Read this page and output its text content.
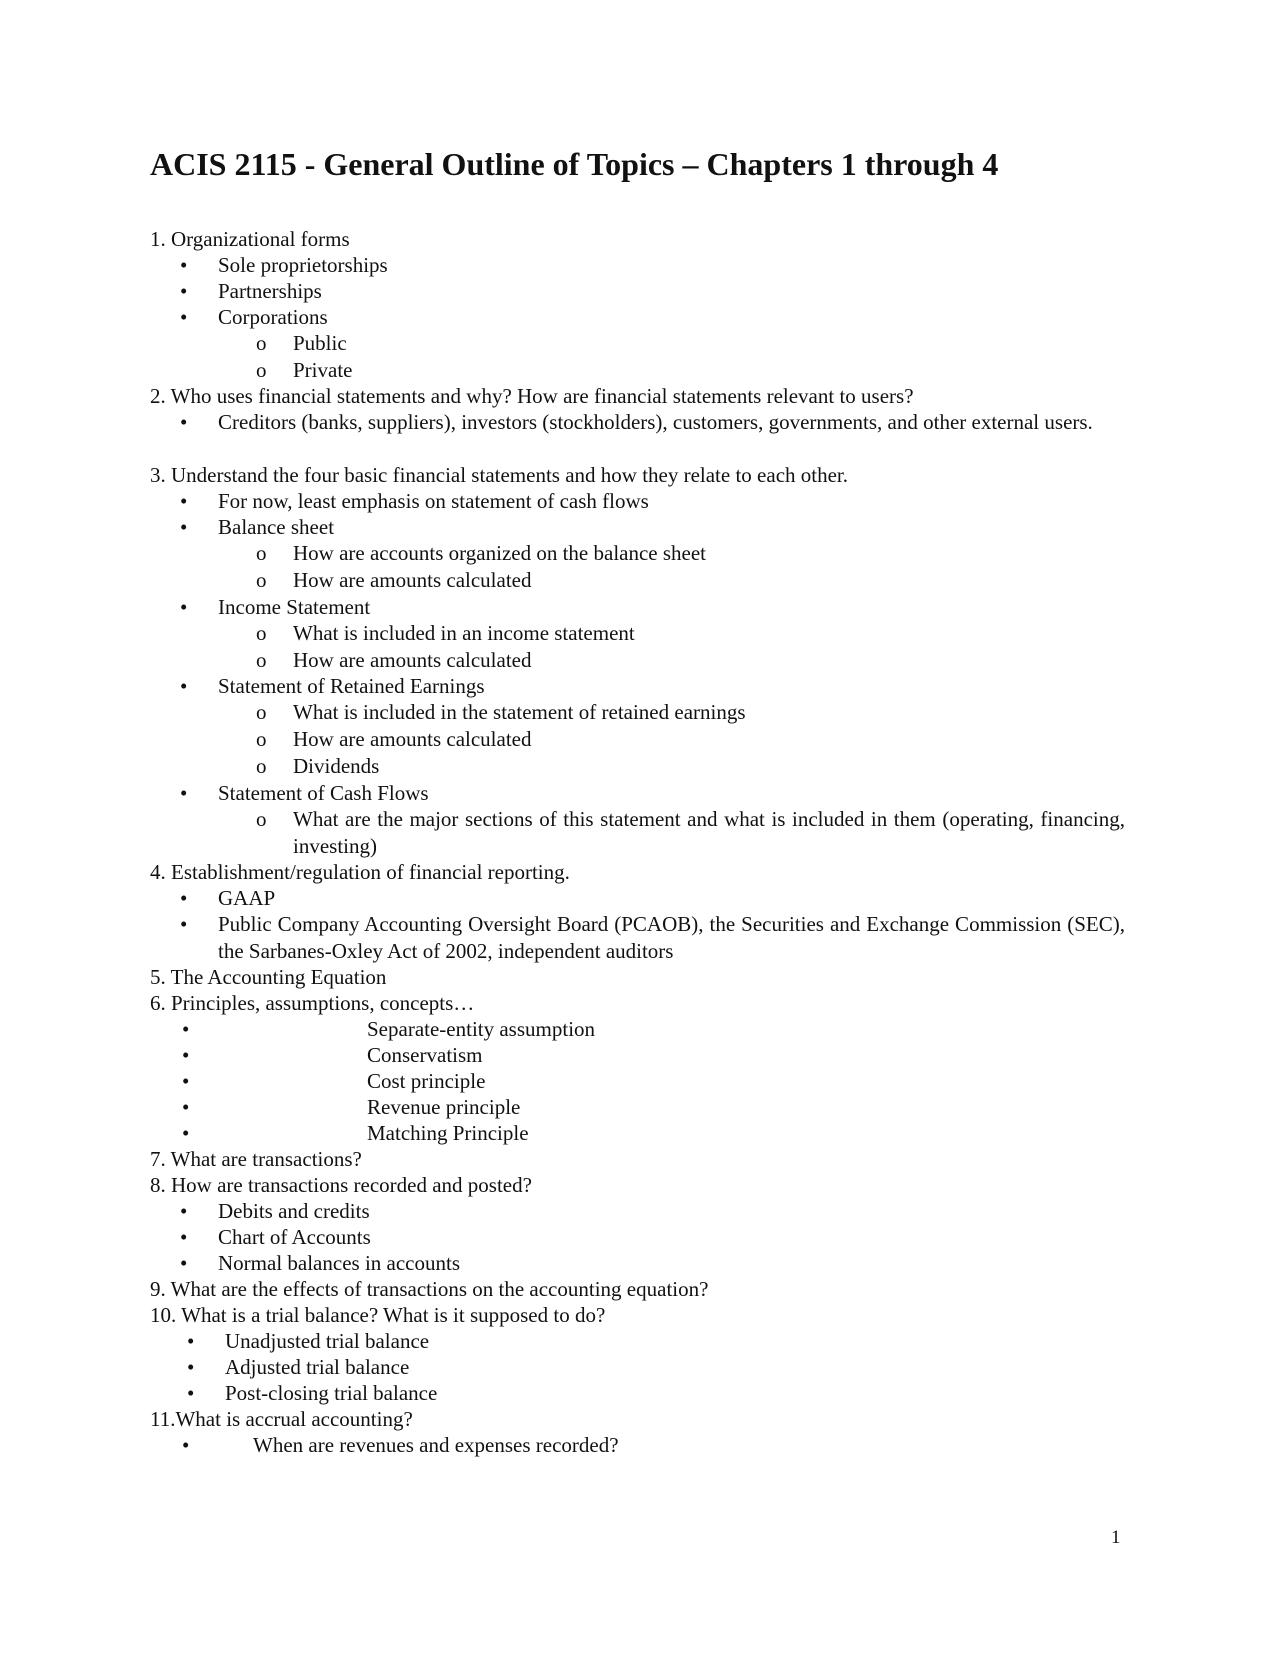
ACIS 2115 - General Outline of Topics – Chapters 1 through 4
1. Organizational forms
• Sole proprietorships
• Partnerships
• Corporations
o Public
o Private
2. Who uses financial statements and why? How are financial statements relevant to users?
• Creditors (banks, suppliers), investors (stockholders), customers, governments, and other external users.
3. Understand the four basic financial statements and how they relate to each other.
• For now, least emphasis on statement of cash flows
• Balance sheet
o How are accounts organized on the balance sheet
o How are amounts calculated
• Income Statement
o What is included in an income statement
o How are amounts calculated
• Statement of Retained Earnings
o What is included in the statement of retained earnings
o How are amounts calculated
o Dividends
• Statement of Cash Flows
o What are the major sections of this statement and what is included in them (operating, financing, investing)
4. Establishment/regulation of financial reporting.
• GAAP
• Public Company Accounting Oversight Board (PCAOB), the Securities and Exchange Commission (SEC), the Sarbanes-Oxley Act of 2002, independent auditors
5. The Accounting Equation
6. Principles, assumptions, concepts…
•	Separate-entity assumption
•	Conservatism
•	Cost principle
•	Revenue principle
•	Matching Principle
7. What are transactions?
8. How are transactions recorded and posted?
• Debits and credits
• Chart of Accounts
• Normal balances in accounts
9. What are the effects of transactions on the accounting equation?
10. What is a trial balance? What is it supposed to do?
• Unadjusted trial balance
• Adjusted trial balance
• Post-closing trial balance
11.What is accrual accounting?
•	When are revenues and expenses recorded?
1
